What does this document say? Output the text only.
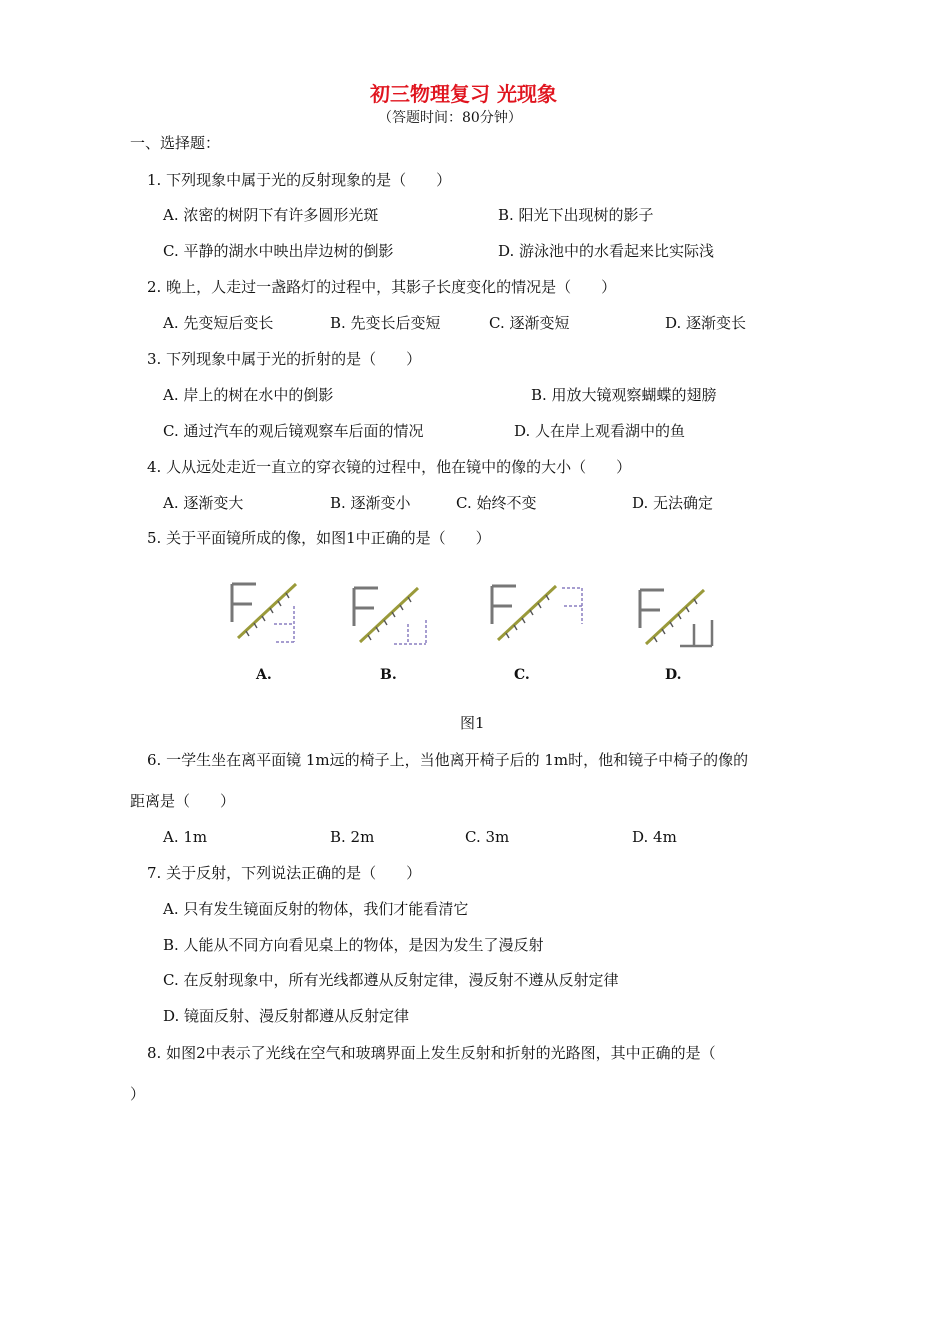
初三物理复习 光现象
（答题时间：80分钟）
一、选择题：
1. 下列现象中属于光的反射现象的是（　　）
A. 浓密的树阴下有许多圆形光斑	B. 阳光下出现树的影子
C. 平静的湖水中映出岸边树的倒影	D. 游泳池中的水看起来比实际浅
2. 晚上，人走过一盏路灯的过程中，其影子长度变化的情况是（　　）
A. 先变短后变长	B. 先变长后变短	C. 逐渐变短	D. 逐渐变长
3. 下列现象中属于光的折射的是（　　）
A. 岸上的树在水中的倒影	B. 用放大镜观察蝴蝶的翅膀
C. 通过汽车的观后镜观察车后面的情况	D. 人在岸上观看湖中的鱼
4. 人从远处走近一直立的穿衣镜的过程中，他在镜中的像的大小（　　）
A. 逐渐变大	B. 逐渐变小	C. 始终不变	D. 无法确定
5. 关于平面镜所成的像，如图1中正确的是（　　）
A.	B.	C.	D.
图1
6. 一学生坐在离平面镜 1m远的椅子上，当他离开椅子后的 1m时，他和镜子中椅子的像的
距离是（　　）
A. 1m	B. 2m	C. 3m	D. 4m
7. 关于反射，下列说法正确的是（　　）
A. 只有发生镜面反射的物体，我们才能看清它
B. 人能从不同方向看见桌上的物体，是因为发生了漫反射
C. 在反射现象中，所有光线都遵从反射定律，漫反射不遵从反射定律
D. 镜面反射、漫反射都遵从反射定律
8. 如图2中表示了光线在空气和玻璃界面上发生反射和折射的光路图，其中正确的是（
）
